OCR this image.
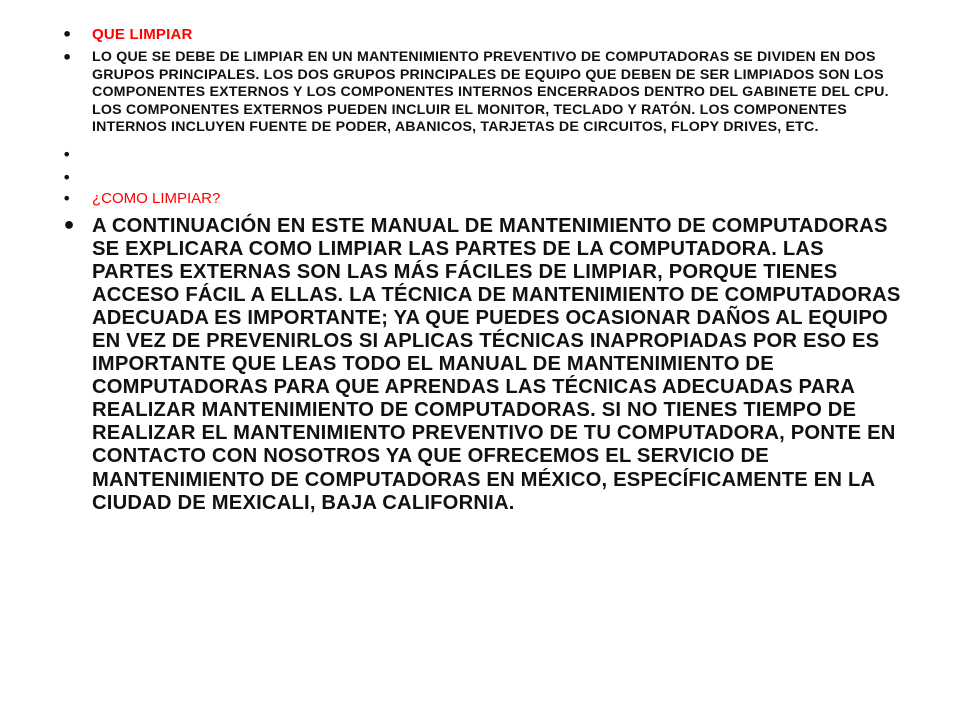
• QUE LIMPIAR
• LO QUE SE DEBE DE LIMPIAR EN UN MANTENIMIENTO PREVENTIVO DE COMPUTADORAS SE DIVIDEN EN DOS GRUPOS PRINCIPALES. LOS DOS GRUPOS PRINCIPALES DE EQUIPO QUE DEBEN DE SER LIMPIADOS SON LOS COMPONENTES EXTERNOS Y LOS COMPONENTES INTERNOS ENCERRADOS DENTRO DEL GABINETE DEL CPU. LOS COMPONENTES EXTERNOS PUEDEN INCLUIR EL MONITOR, TECLADO Y RATÓN. LOS COMPONENTES INTERNOS INCLUYEN FUENTE DE PODER, ABANICOS, TARJETAS DE CIRCUITOS, FLOPY DRIVES, ETC.
•
•
• ¿COMO LIMPIAR?
• A CONTINUACIÓN EN ESTE MANUAL DE MANTENIMIENTO DE COMPUTADORAS SE EXPLICARA COMO LIMPIAR LAS PARTES DE LA COMPUTADORA. LAS PARTES EXTERNAS SON LAS MÁS FÁCILES DE LIMPIAR, PORQUE TIENES ACCESO FÁCIL A ELLAS. LA TÉCNICA DE MANTENIMIENTO DE COMPUTADORAS ADECUADA ES IMPORTANTE; YA QUE PUEDES OCASIONAR DAÑOS AL EQUIPO EN VEZ DE PREVENIRLOS SI APLICAS TÉCNICAS INAPROPIADAS POR ESO ES IMPORTANTE QUE LEAS TODO EL MANUAL DE MANTENIMIENTO DE COMPUTADORAS PARA QUE APRENDAS LAS TÉCNICAS ADECUADAS PARA REALIZAR MANTENIMIENTO DE COMPUTADORAS. SI NO TIENES TIEMPO DE REALIZAR EL MANTENIMIENTO PREVENTIVO DE TU COMPUTADORA, PONTE EN CONTACTO CON NOSOTROS YA QUE OFRECEMOS EL SERVICIO DE MANTENIMIENTO DE COMPUTADORAS EN MÉXICO, ESPECÍFICAMENTE EN LA CIUDAD DE MEXICALI, BAJA CALIFORNIA.
